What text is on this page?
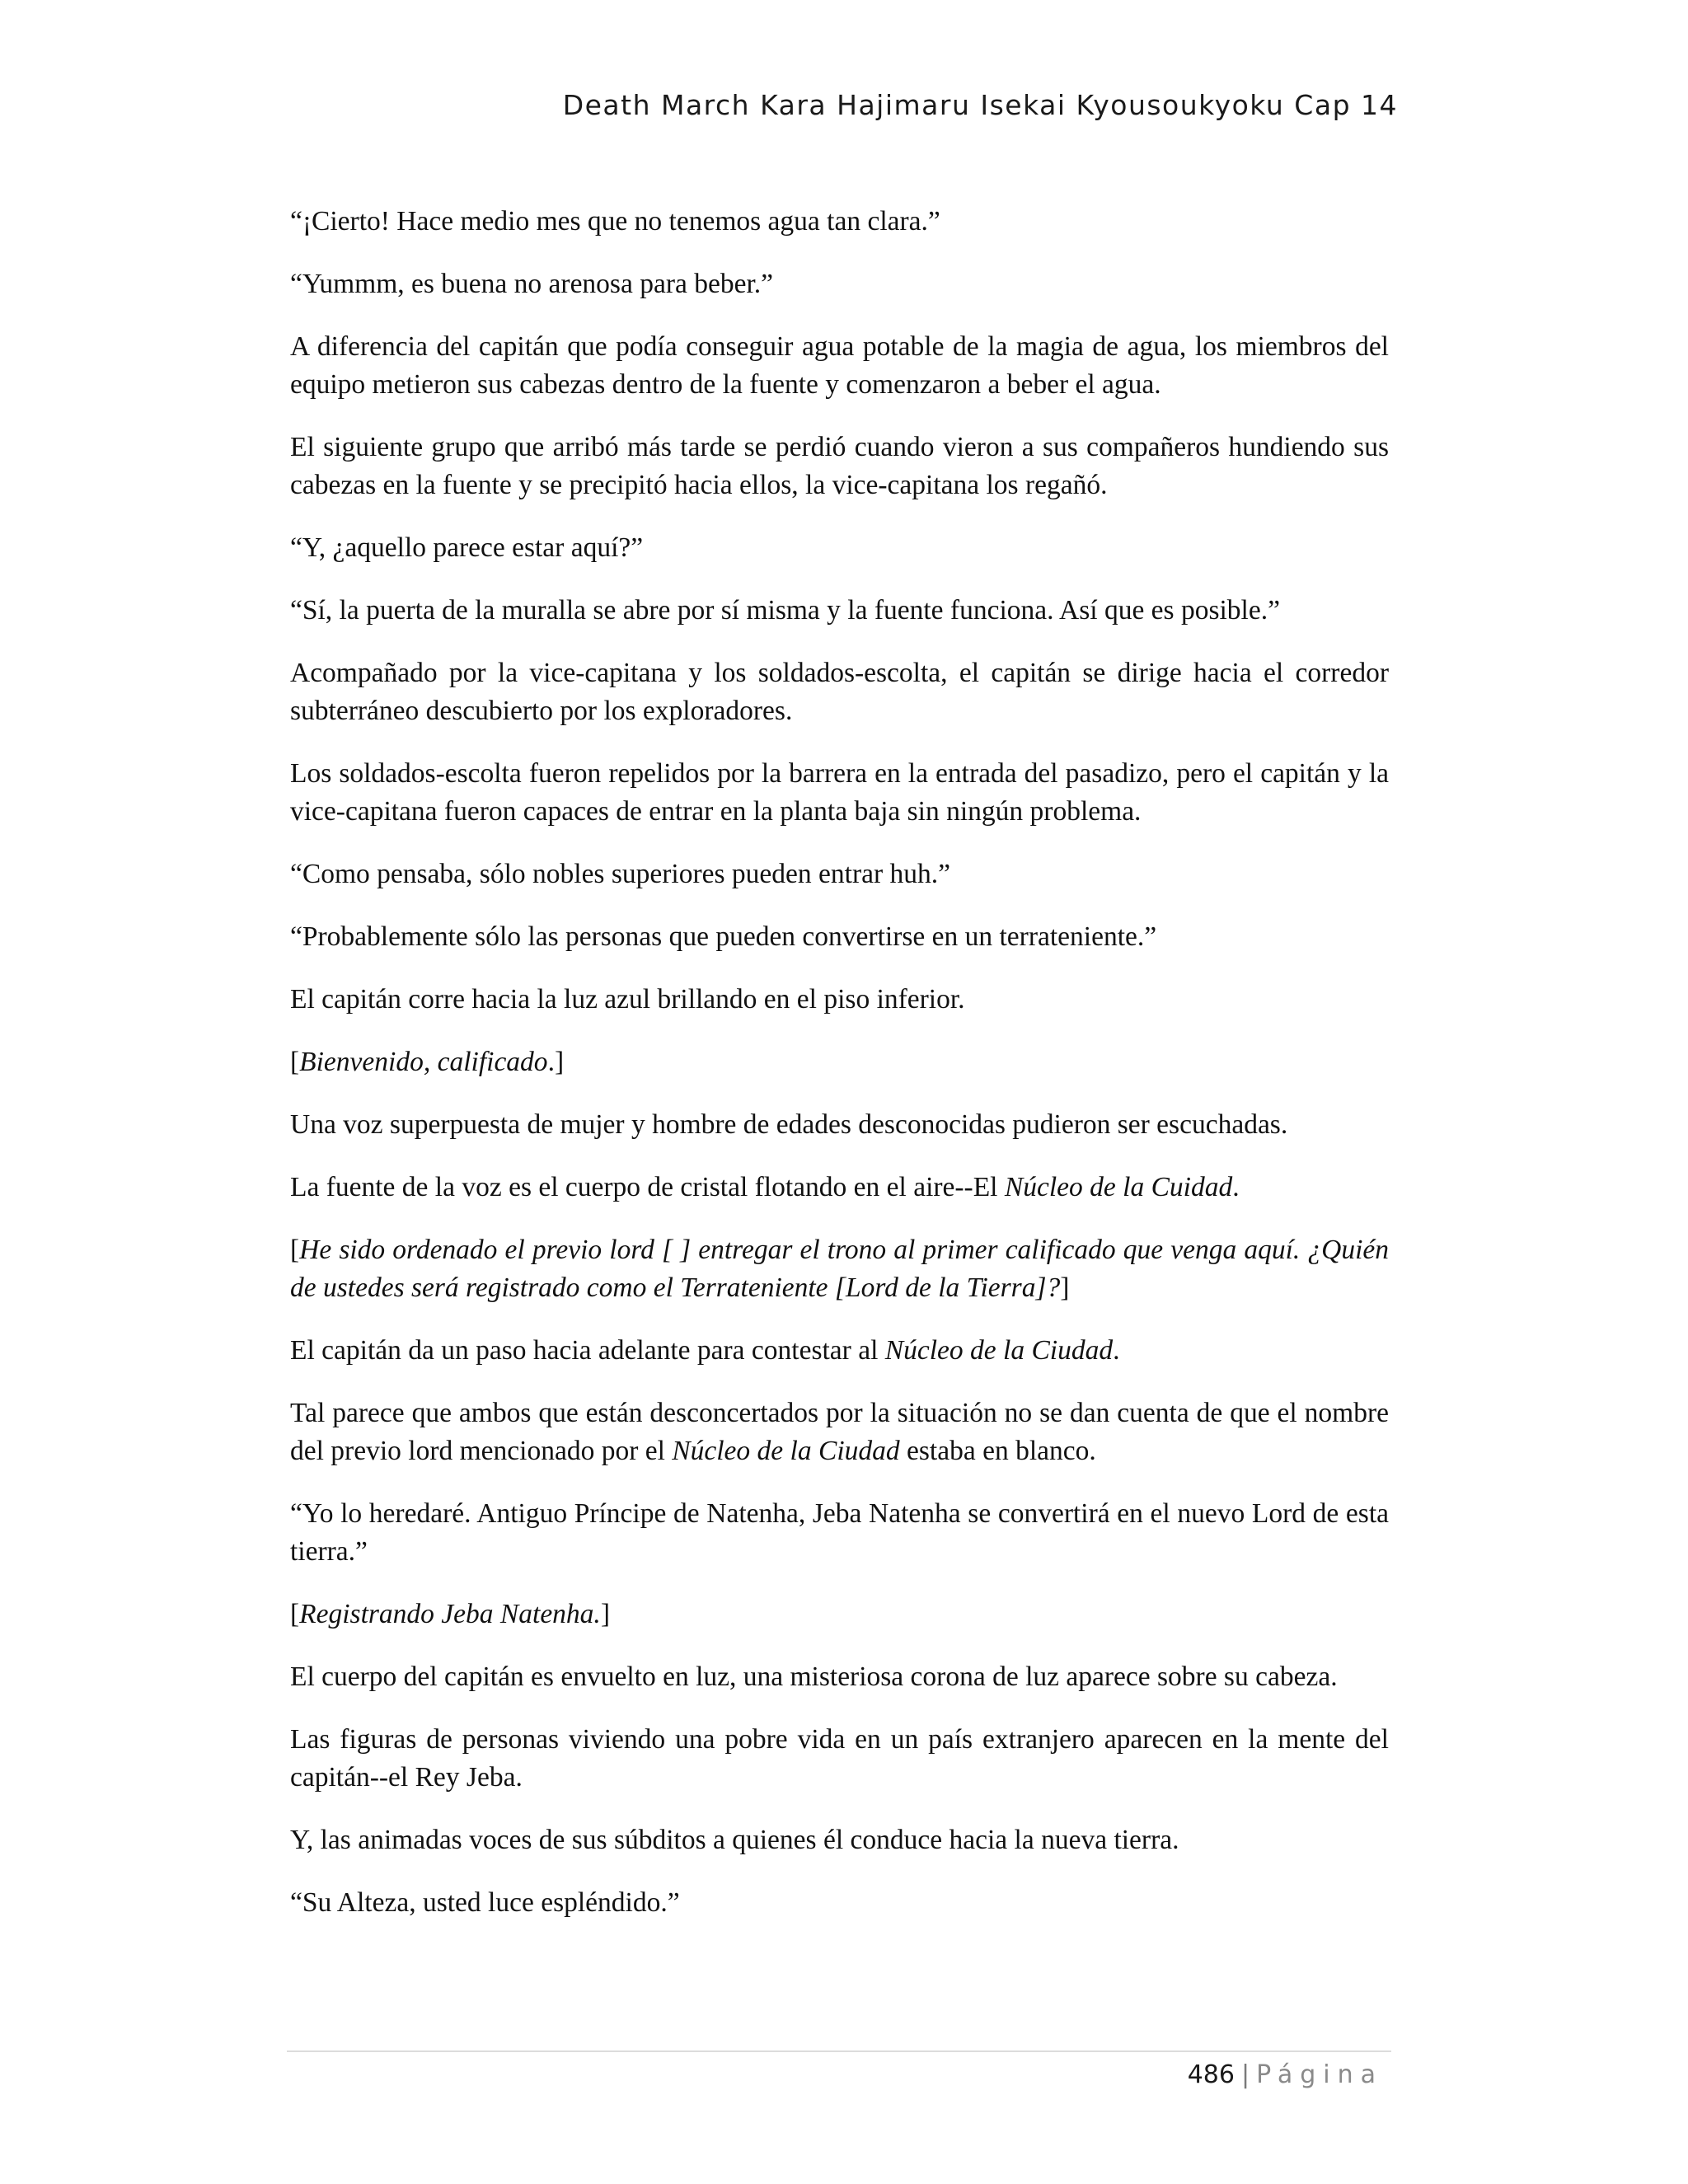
Death March Kara Hajimaru Isekai Kyousoukyoku Cap 14

“¡Cierto! Hace medio mes que no tenemos agua tan clara.”

“Yummm, es buena no arenosa para beber.”

A diferencia del capitán que podía conseguir agua potable de la magia de agua, los miembros del equipo metieron sus cabezas dentro de la fuente y comenzaron a beber el agua.

El siguiente grupo que arribó más tarde se perdió cuando vieron a sus compañeros hundiendo sus cabezas en la fuente y se precipitó hacia ellos, la vice-capitana los regañó.

“Y, ¿aquello parece estar aquí?”

“Sí, la puerta de la muralla se abre por sí misma y la fuente funciona. Así que es posible.”

Acompañado por la vice-capitana y los soldados-escolta, el capitán se dirige hacia el corredor subterráneo descubierto por los exploradores.

Los soldados-escolta fueron repelidos por la barrera en la entrada del pasadizo, pero el capitán y la vice-capitana fueron capaces de entrar en la planta baja sin ningún problema.

“Como pensaba, sólo nobles superiores pueden entrar huh.”

“Probablemente sólo las personas que pueden convertirse en un terrateniente.”

El capitán corre hacia la luz azul brillando en el piso inferior.

[Bienvenido, calificado.]

Una voz superpuesta de mujer y hombre de edades desconocidas pudieron ser escuchadas.

La fuente de la voz es el cuerpo de cristal flotando en el aire--El Núcleo de la Cuidad.

[He sido ordenado el previo lord [ ] entregar el trono al primer calificado que venga aquí. ¿Quién de ustedes será registrado como el Terrateniente [Lord de la Tierra]?]

El capitán da un paso hacia adelante para contestar al Núcleo de la Ciudad.

Tal parece que ambos que están desconcertados por la situación no se dan cuenta de que el nombre del previo lord mencionado por el Núcleo de la Ciudad estaba en blanco.

“Yo lo heredaré. Antiguo Príncipe de Natenha, Jeba Natenha se convertirá en el nuevo Lord de esta tierra.”

[Registrando Jeba Natenha.]

El cuerpo del capitán es envuelto en luz, una misteriosa corona de luz aparece sobre su cabeza.

Las figuras de personas viviendo una pobre vida en un país extranjero aparecen en la mente del capitán--el Rey Jeba.

Y, las animadas voces de sus súbditos a quienes él conduce hacia la nueva tierra.

“Su Alteza, usted luce espléndido.”

486 | Página
